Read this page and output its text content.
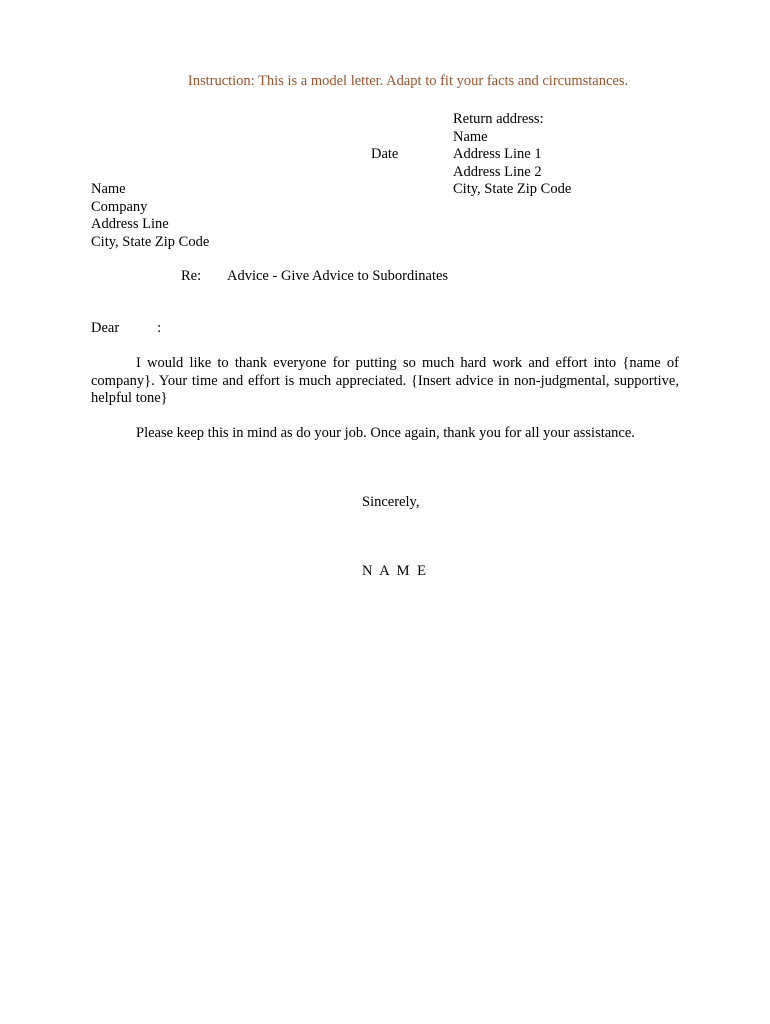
Instruction: This is a model letter. Adapt to fit your facts and circumstances.
Return address:
Name
Address Line 1
Address Line 2
City, State Zip Code
Date
Name
Company
Address Line
City, State Zip Code
Re: Advice - Give Advice to Subordinates
Dear	:
I would like to thank everyone for putting so much hard work and effort into {name of company}. Your time and effort is much appreciated. {Insert advice in non-judgmental, supportive, helpful tone}
Please keep this in mind as do your job. Once again, thank you for all your assistance.
Sincerely,
N A M E
